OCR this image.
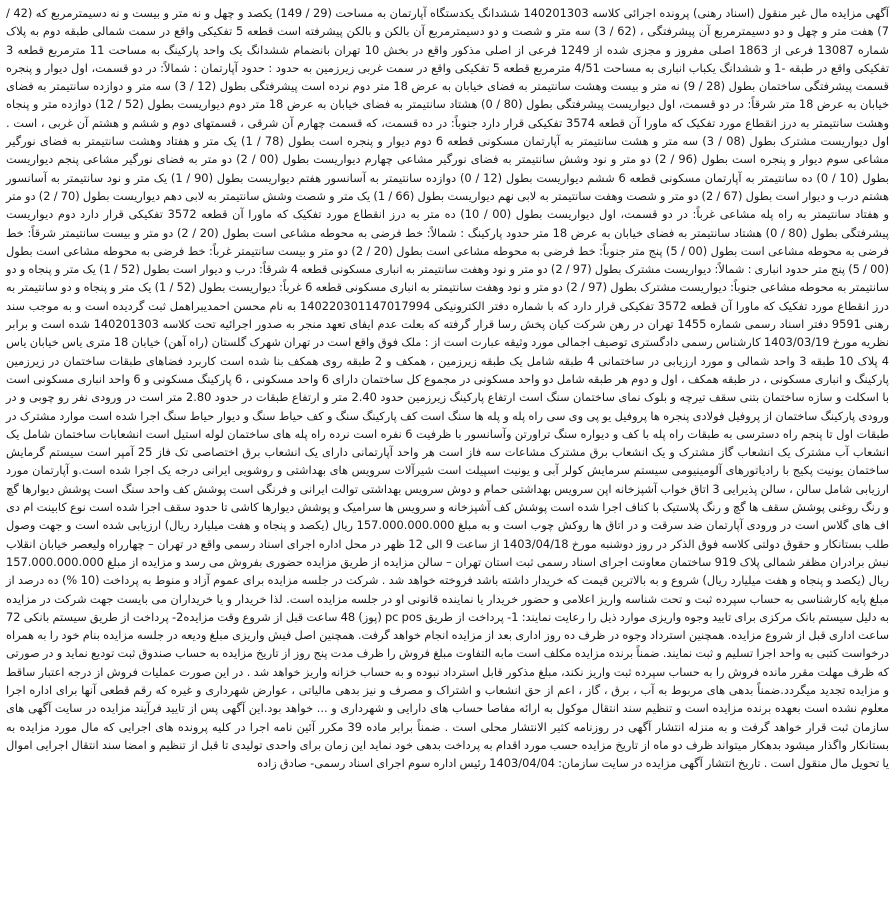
آگهی مزایده مال غیر منقول (اسناد رهنی) پرونده اجرائی کلاسه 140201303 ششدانگ یکدستگاه آپارتمان به مساحت (29 / 149) یکصد و چهل و نه متر و بیست و نه دسیمترمربع که (42 / 7) هفت متر و چهل و دو دسیمترمربع آن پیشرفتگی ، (62 / 3) سه متر و شصت و دو دسیمترمربع آن بالکن و بالکن پیشرفته است قطعه 5 تفکیکی واقع در سمت شمالی طبقه دوم به پلاک شماره 13087 فرعی از 1863 اصلی مفروز و مجزی شده از 1249 فرعی از اصلی مذکور واقع در بخش 10 تهران بانضمام ششدانگ یک واحد پارکینگ به مساحت 11 مترمربع قطعه 3 تفکیکی واقع در طبقه -1 و ششدانگ یکباب انباری به مساحت 4/51 مترمربع قطعه 5 تفکیکی واقع در سمت غربی زیرزمین به حدود : حدود آپارتمان : شمالاً: در دو قسمت، اول دیوار و پنجره قسمت پیشرفتگی ساختمان بطول (28 / 9) نه متر و بیست وهشت سانتیمتر به فضای خیابان به عرض 18 متر دوم نرده است پیشرفتگی بطول (12 / 3) سه متر و دوازده سانتیمتر به فضای خیابان به عرض 18 متر شرقاً: در دو قسمت، اول دیواریست پیشرفتگی بطول (80 / 0) هشتاد سانتیمتر به فضای خیابان به عرض 18 متر دوم دیواریست بطول (52 / 12) دوازده متر و پنجاه وهشت سانتیمتر به درز انقطاع مورد تفکیک که ماورا آن قطعه 3574 تفکیکی قرار دارد جنوباً: در ده قسمت، که قسمت چهارم آن شرقی ، قسمتهای دوم و ششم و هشتم آن غربی ، است . اول دیواریست مشترک بطول (08 / 3) سه متر و هشت سانتیمتر به آپارتمان مسکونی قطعه 6 دوم دیوار و پنجره است بطول (78 / 1) یک متر و هفتاد وهشت سانتیمتر به فضای نورگیر مشاعی سوم دیوار و پنجره است بطول (96 / 2) دو متر و نود وشش سانتیمتر به فضای نورگیر مشاعی چهارم دیواریست بطول (00 / 2) دو متر به فضای نورگیر مشاعی پنجم دیواریست بطول (10 / 0) ده سانتیمتر به آپارتمان مسکونی قطعه 6 ششم دیواریست بطول (12 / 0) دوازده سانتیمتر به آسانسور هفتم دیواریست بطول (90 / 1) یک متر و نود سانتیمتر به آسانسور هشتم درب و دیوار است بطول (67 / 2) دو متر و شصت وهفت سانتیمتر به لابی نهم دیواریست بطول (66 / 1) یک متر و شصت وشش سانتیمتر به لابی دهم دیواریست بطول (70 / 2) دو متر و هفتاد سانتیمتر به راه پله مشاعی غرباً: در دو قسمت، اول دیواریست بطول (00 / 10) ده متر به درز انقطاع مورد تفکیک که ماورا آن قطعه 3572 تفکیکی قرار دارد دوم دیواریست پیشرفتگی بطول (80 / 0) هشتاد سانتیمتر به فضای خیابان به عرض 18 متر حدود پارکینگ : شمالاً: خط فرضی به محوطه مشاعی است بطول (20 / 2) دو متر و بیست سانتیمتر شرقاً: خط فرضی به محوطه مشاعی است بطول (00 / 5) پنج متر جنوباً: خط فرضی به محوطه مشاعی است بطول (20 / 2) دو متر و بیست سانتیمتر غرباً: خط فرضی به محوطه مشاعی است بطول (00 / 5) پنج متر حدود انباری : شمالاً: دیواریست مشترک بطول (97 / 2) دو متر و نود وهفت سانتیمتر به انباری مسکونی قطعه 4 شرقاً: درب و دیوار است بطول (52 / 1) یک متر و پنجاه و دو سانتیمتر به محوطه مشاعی جنوباً: دیواریست مشترک بطول (97 / 2) دو متر و نود وهفت سانتیمتر به انباری مسکونی قطعه 6 غرباً: دیواریست بطول (52 / 1) یک متر و پنجاه و دو سانتیمتر به درز انقطاع مورد تفکیک که ماورا آن قطعه 3572 تفکیکی قرار دارد که با شماره دفتر الکترونیکی 140220301147017994 به نام محسن احمدیبراهمل ثبت گردیده است و به موجب سند رهنی 9591 دفتر اسناد رسمی شماره 1455 تهران در رهن شرکت کیان پخش رسا قرار گرفته که بعلت عدم ایفای تعهد منجر به صدور اجرائیه تحت کلاسه 140201303 شده است و برابر نظریه مورخ 1403/03/19 کارشناس رسمی دادگستری توصیف اجمالی مورد وثیقه عبارت است از : ملک فوق واقع است در تهران شهرک گلستان (راه آهن) خیابان 18 متری یاس خیابان یاس 4 پلاک 10 طبقه 3 واحد شمالی و مورد ارزیابی در ساختمانی 4 طبقه شامل یک طبقه زیرزمین ، همکف و 2 طبقه روی همکف بنا شده است کاربرد فضاهای طبقات ساختمان در زیرزمین پارکینگ و انباری مسکونی ، در طبقه همکف ، اول و دوم هر طبقه شامل دو واحد مسکونی در مجموع کل ساختمان دارای 6 واحد مسکونی ، 6 پارکینگ مسکونی و 6 واحد انباری مسکونی است با اسکلت و سازه ساختمان بتنی سقف تیرچه و بلوک نمای ساختمان سنگ است ارتفاع پارکینگ زیرزمین حدود 2.40 متر و ارتفاع طبقات در حدود 2.80 متر است در ورودی نفر رو چوبی و در ورودی پارکینگ ساختمان از پروفیل فولادی پنجره ها پروفیل یو پی وی سی راه پله و پله ها سنگ است کف پارکینگ سنگ و کف حیاط سنگ و دیوار حیاط سنگ اجرا شده است موارد مشترک در طبقات اول تا پنجم راه دسترسی به طبقات راه پله با کف و دیواره سنگ تراورتن وآسانسور با ظرفیت 6 نفره است نرده راه پله های ساختمان لوله استیل است انشعابات ساختمان شامل یک انشعاب آب مشترک یک انشعاب گاز مشترک و یک انشعاب برق مشترک مشاعات سه فاز است هر واحد آپارتمانی دارای یک انشعاب برق اختصاصی تک فاز 25 آمپر است سیستم گرمایش ساختمان یونیت پکیج با رادیاتورهای آلومینیومی سیستم سرمایش کولر آبی و یونیت اسپیلت است شیرآلات سرویس های بهداشتی و روشویی ایرانی درجه یک اجرا شده است.و آپارتمان مورد ارزیابی شامل سالن ، سالن پذیرایی 3 اتاق خواب آشپزخانه اپن سرویس بهداشتی حمام و دوش سرویس بهداشتی توالت ایرانی و فرنگی است پوشش کف واحد سنگ است پوشش دیوارها گچ و رنگ روغنی پوشش سقف ها گچ و رنگ پلاستیک با کناف اجرا شده است پوشش کف آشپزخانه و سرویس ها سرامیک و پوشش دیوارها کاشی تا حدود سقف اجرا شده است نوع کابینت ام دی اف های گلاس است در ورودی آپارتمان ضد سرقت و در اتاق ها روکش چوب است و به مبلغ 157.000.000.000 ریال (یکصد و پنجاه و هفت میلیارد ریال) ارزیابی شده است و جهت وصول طلب بستانکار و حقوق دولتی کلاسه فوق الذکر در روز دوشنبه مورخ 1403/04/18 از ساعت 9 الی 12 ظهر در محل اداره اجرای اسناد رسمی واقع در تهران – چهارراه ولیعصر خیابان انقلاب نبش برادران مظفر شمالی پلاک 919 ساختمان معاونت اجرای اسناد رسمی ثبت استان تهران – سالن مزایده از طریق مزایده حضوری بفروش می رسد و مزایده از مبلغ 157.000.000.000 ریال (یکصد و پنجاه و هفت میلیارد ریال) شروع و به بالاترین قیمت که خریدار داشته باشد فروخته خواهد شد . شرکت در جلسه مزایده برای عموم آزاد و منوط به پرداخت (10 %) ده درصد از مبلغ پایه کارشناسی به حساب سپرده ثبت و تحت شناسه واریز اعلامی و حضور خریدار یا نماینده قانونی او در جلسه مزایده است. لذا خریدار و یا خریداران می بایست جهت شرکت در مزایده به دلیل سیستم بانک مرکزی برای تایید وجوه واریزی موارد ذیل را رعایت نمایند: 1- پرداخت از طریق pc pos (پوز) 48 ساعت قبل از شروع وقت مزایده2- پرداخت از طریق سیستم بانکی 72 ساعت اداری قبل از شروع مزایده. همچنین استرداد وجوه در ظرف ده روز اداری بعد از مزایده انجام خواهد گرفت. همچنین اصل فیش واریزی مبلغ ودیعه در جلسه مزایده بنام خود را به همراه درخواست کتبی به واحد اجرا تسلیم و ثبت نمایند. ضمناً برنده مزایده مکلف است مابه التفاوت مبلغ فروش را ظرف مدت پنج روز از تاریخ مزایده به حساب صندوق ثبت تودیع نماید و در صورتی که ظرف مهلت مقرر مانده فروش را به حساب سپرده ثبت واریز نکند، مبلغ مذکور قابل استرداد نبوده و به حساب خزانه واریز خواهد شد . در این صورت عملیات فروش از درجه اعتبار ساقط و مزایده تجدید میگردد.ضمناً بدهی های مربوط به آب ، برق ، گاز ، اعم از حق انشعاب و اشتراک و مصرف و نیز بدهی مالیاتی ، عوارض شهرداری و غیره که رقم قطعی آنها برای اداره اجرا معلوم نشده است بعهده برنده مزایده است و تنظیم سند انتقال موکول به ارائه مفاصا حساب های دارایی و شهرداری و ... خواهد بود.این آگهی پس از تایید فرآیند مزایده در سایت آگهی های سازمان ثبت قرار خواهد گرفت و به منزله انتشار آگهی در روزنامه کثیر الانتشار محلی است . ضمناً برابر ماده 39 مکرر آئین نامه اجرا در کلیه پرونده های اجرایی که مال مورد مزایده به بستانکار واگذار میشود بدهکار میتواند ظرف دو ماه از تاریخ مزایده حسب مورد اقدام به پرداخت بدهی خود نماید این زمان برای واحدی تولیدی تا قبل از تنظیم و امضا سند انتقال اجرایی اموال یا تحویل مال منقول است . تاریخ انتشار آگهی مزایده در سایت سازمان: 1403/04/04 رئیس اداره سوم اجرای اسناد رسمی- صادق زاده
